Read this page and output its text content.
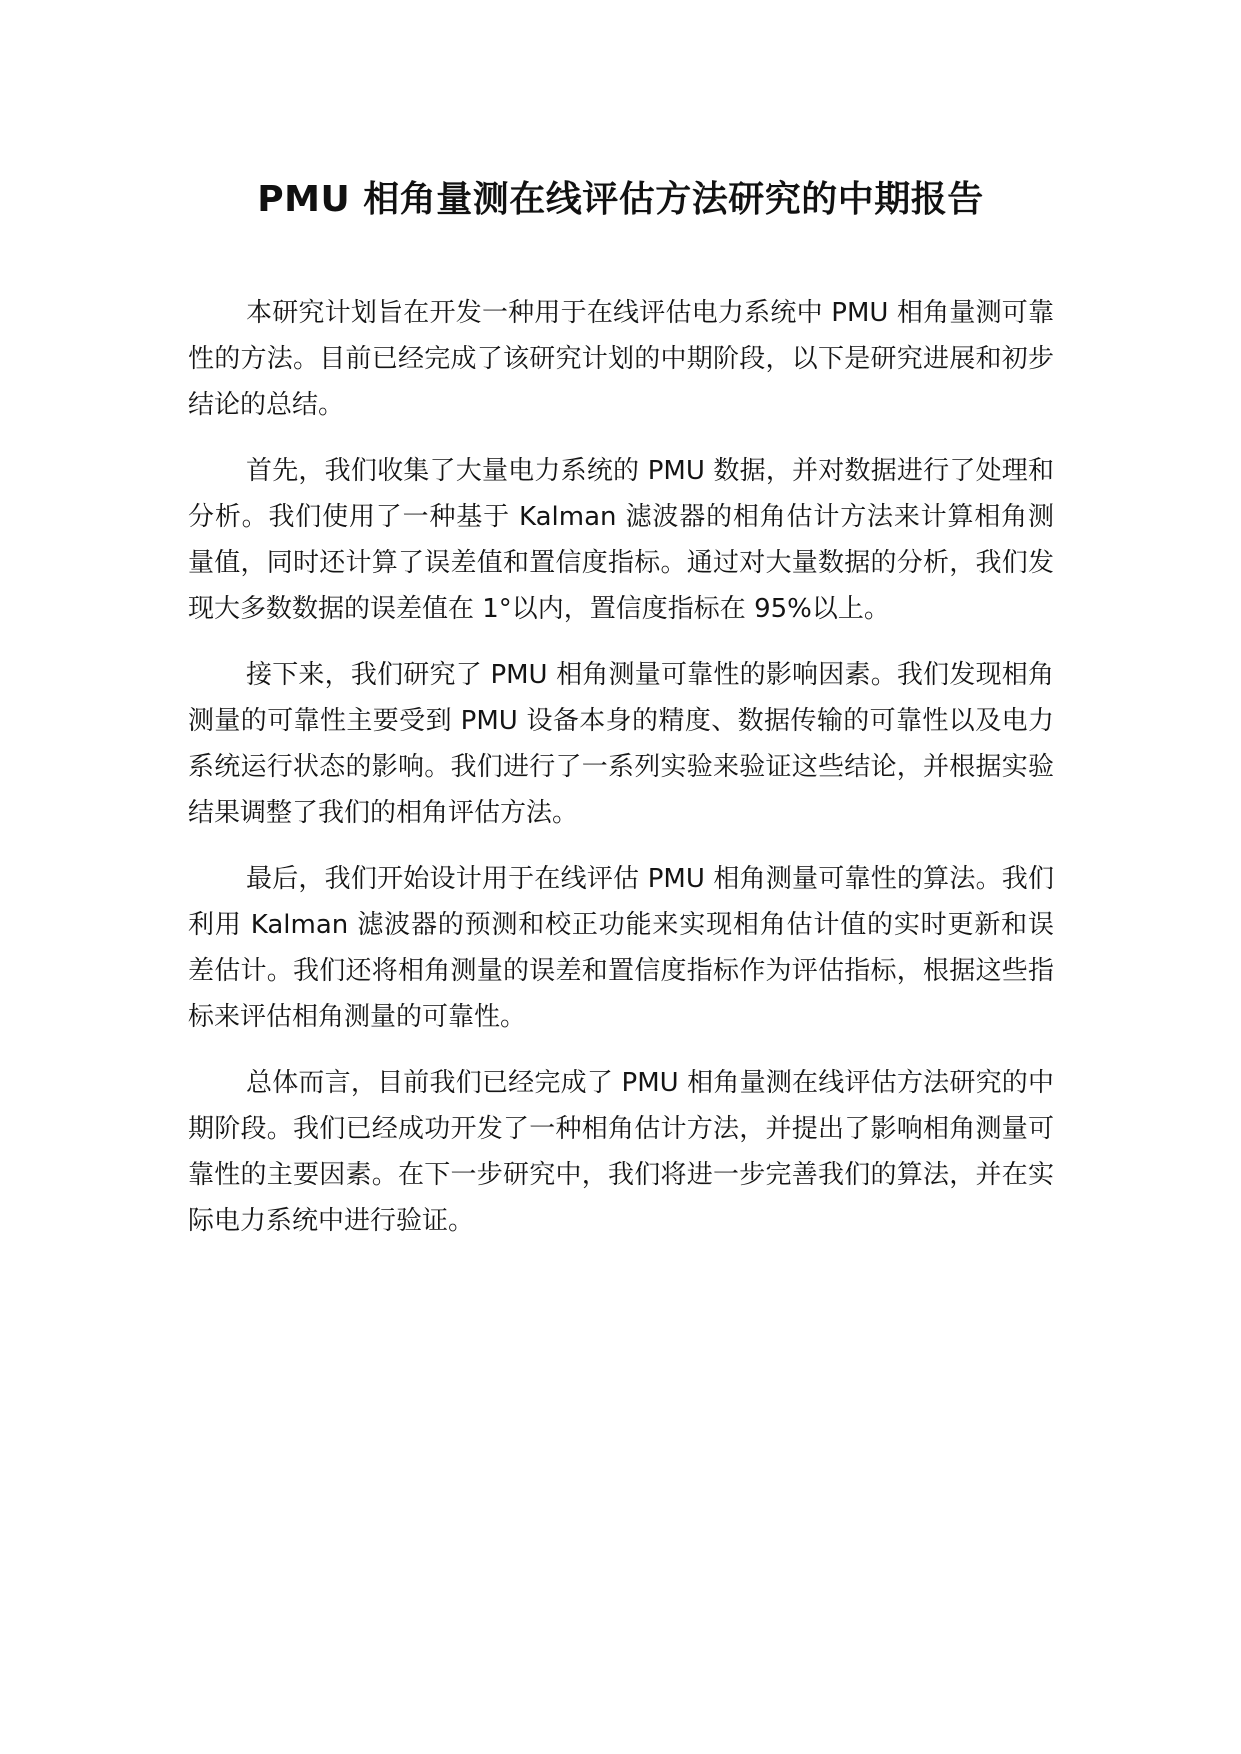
PMU 相角量测在线评估方法研究的中期报告

本研究计划旨在开发一种用于在线评估电力系统中 PMU 相角量测可靠性的方法。目前已经完成了该研究计划的中期阶段，以下是研究进展和初步结论的总结。

首先，我们收集了大量电力系统的 PMU 数据，并对数据进行了处理和分析。我们使用了一种基于 Kalman 滤波器的相角估计方法来计算相角测量值，同时还计算了误差值和置信度指标。通过对大量数据的分析，我们发现大多数数据的误差值在 1°以内，置信度指标在 95%以上。

接下来，我们研究了 PMU 相角测量可靠性的影响因素。我们发现相角测量的可靠性主要受到 PMU 设备本身的精度、数据传输的可靠性以及电力系统运行状态的影响。我们进行了一系列实验来验证这些结论，并根据实验结果调整了我们的相角评估方法。

最后，我们开始设计用于在线评估 PMU 相角测量可靠性的算法。我们利用 Kalman 滤波器的预测和校正功能来实现相角估计值的实时更新和误差估计。我们还将相角测量的误差和置信度指标作为评估指标，根据这些指标来评估相角测量的可靠性。

总体而言，目前我们已经完成了 PMU 相角量测在线评估方法研究的中期阶段。我们已经成功开发了一种相角估计方法，并提出了影响相角测量可靠性的主要因素。在下一步研究中，我们将进一步完善我们的算法，并在实际电力系统中进行验证。
